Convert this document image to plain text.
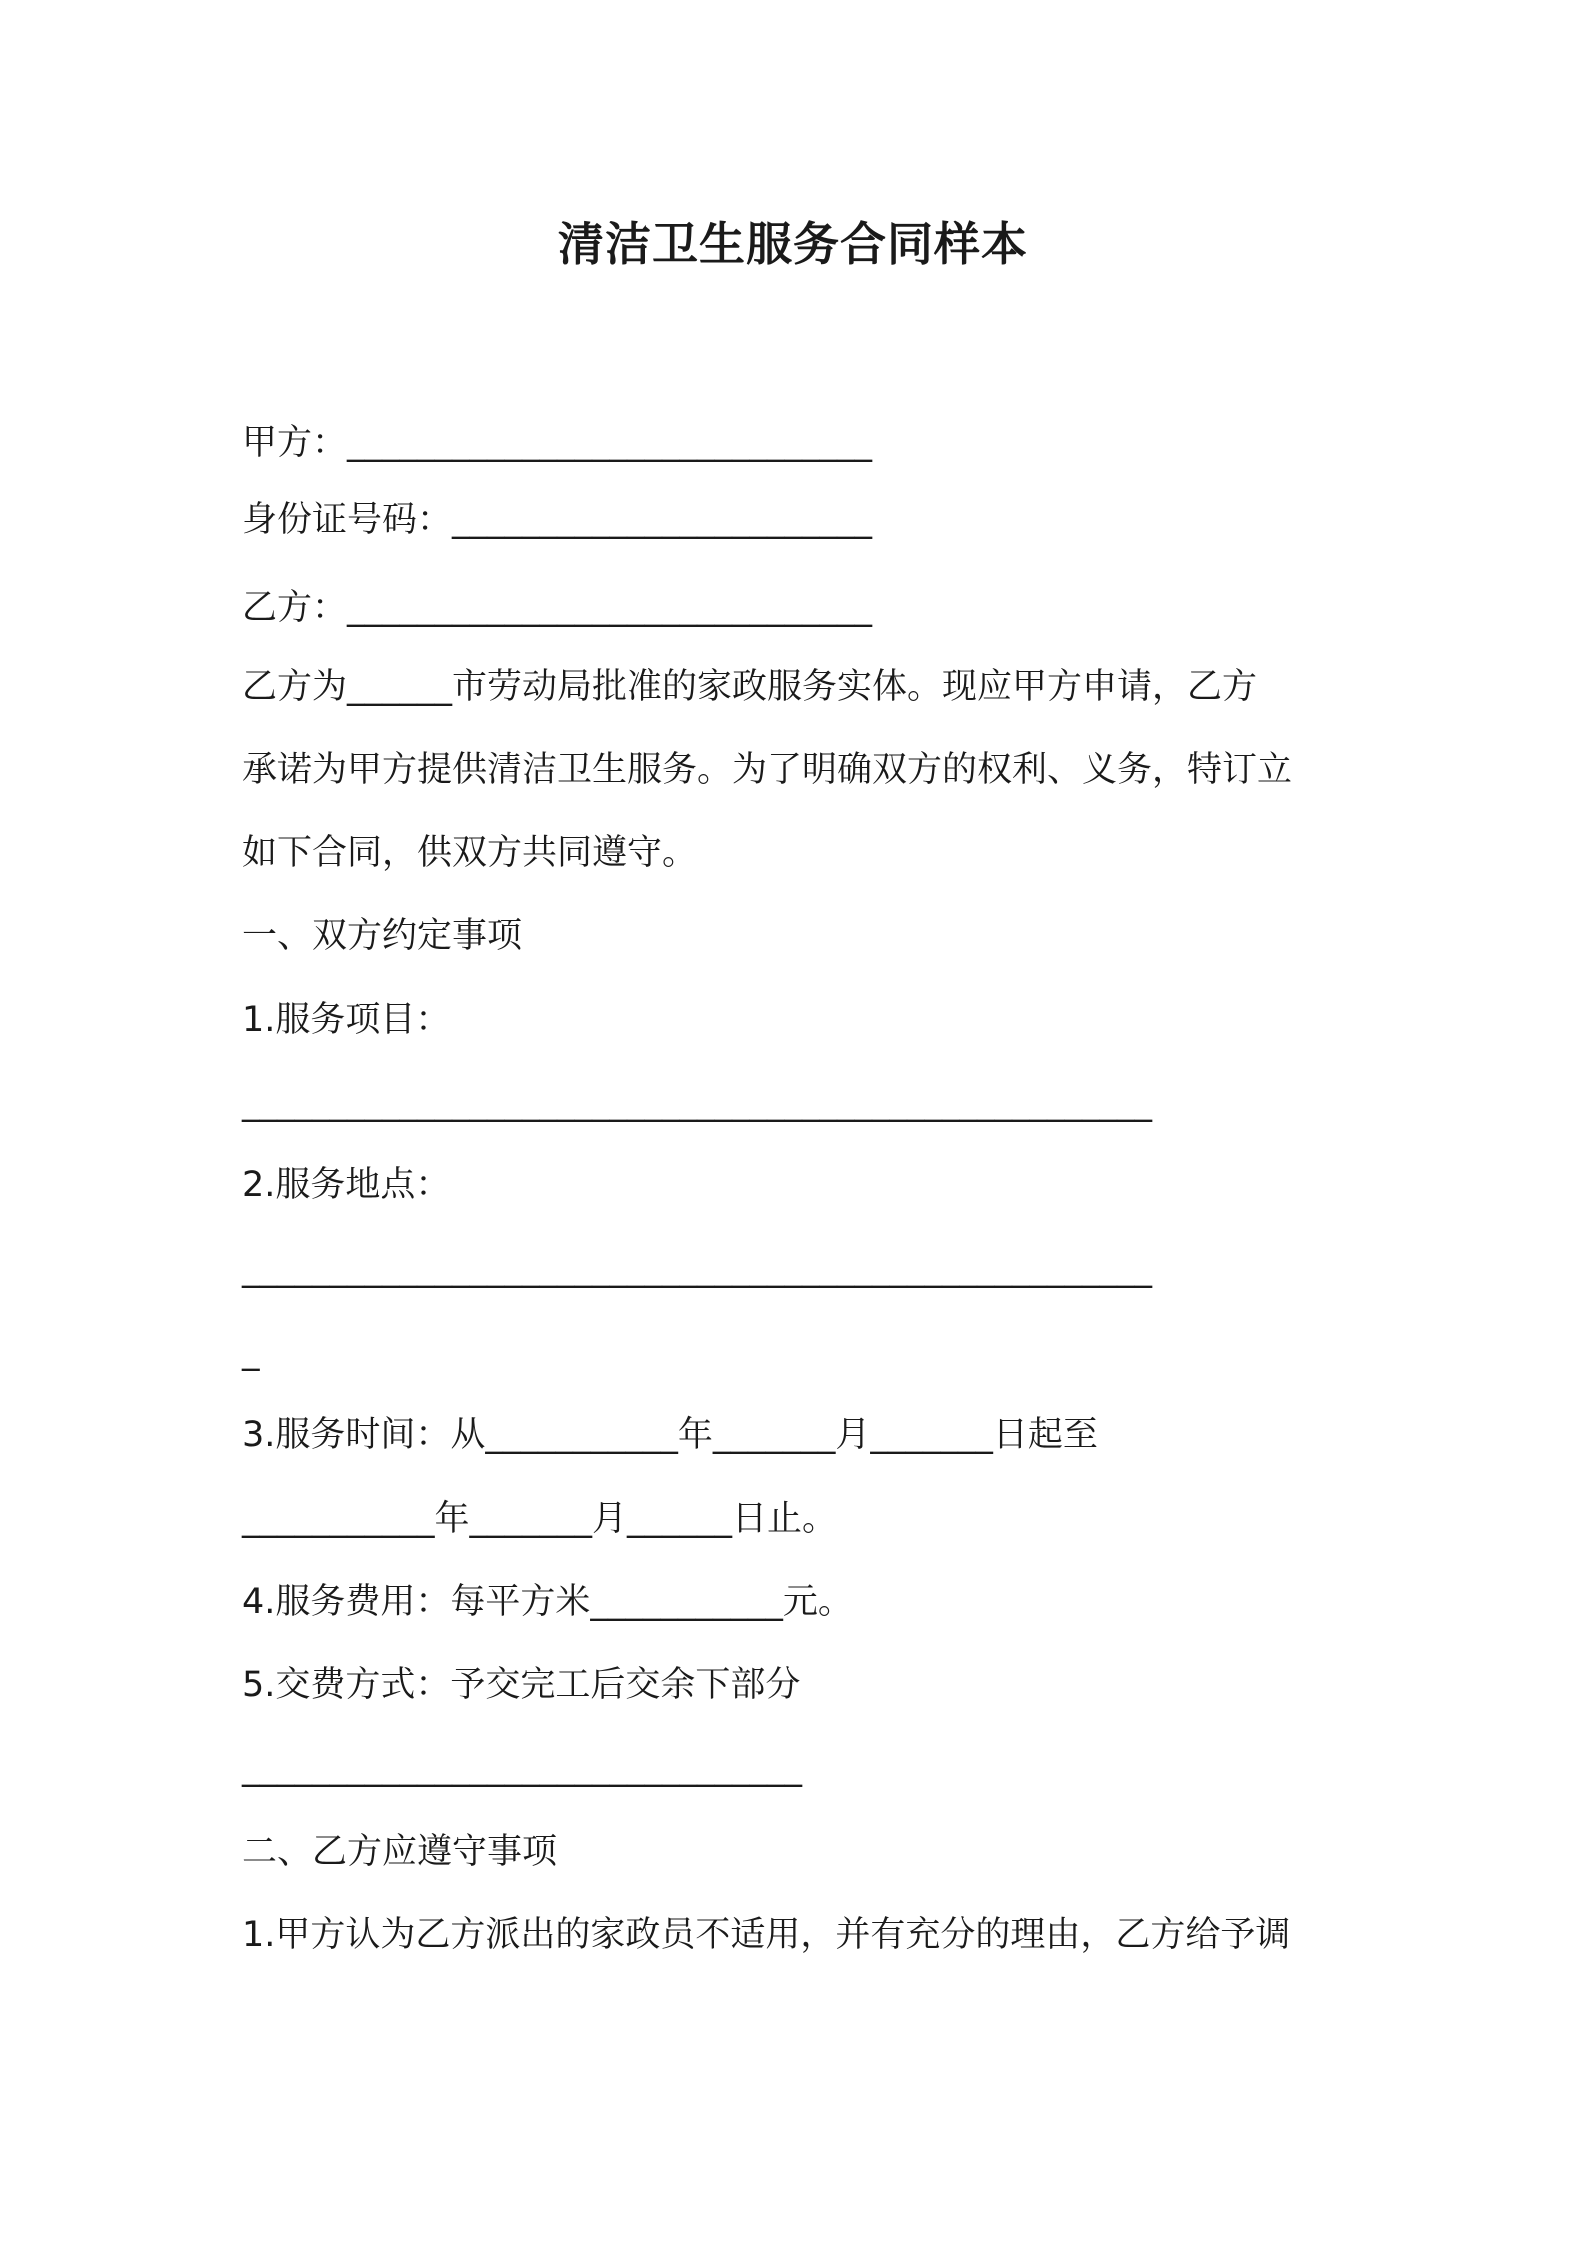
清洁卫生服务合同样本
甲方：______________________________
身份证号码：________________________
乙方：______________________________
乙方为______市劳动局批准的家政服务实体。现应甲方申请，乙方
承诺为甲方提供清洁卫生服务。为了明确双方的权利、义务，特订立
如下合同，供双方共同遵守。
一、双方约定事项
1.服务项目：
____________________________________________________
2.服务地点：
____________________________________________________
_
3.服务时间：从___________年_______月_______日起至
___________年_______月______日止。
4.服务费用：每平方米___________元。
5.交费方式：予交完工后交余下部分
________________________________
二、乙方应遵守事项
1.甲方认为乙方派出的家政员不适用，并有充分的理由，乙方给予调
